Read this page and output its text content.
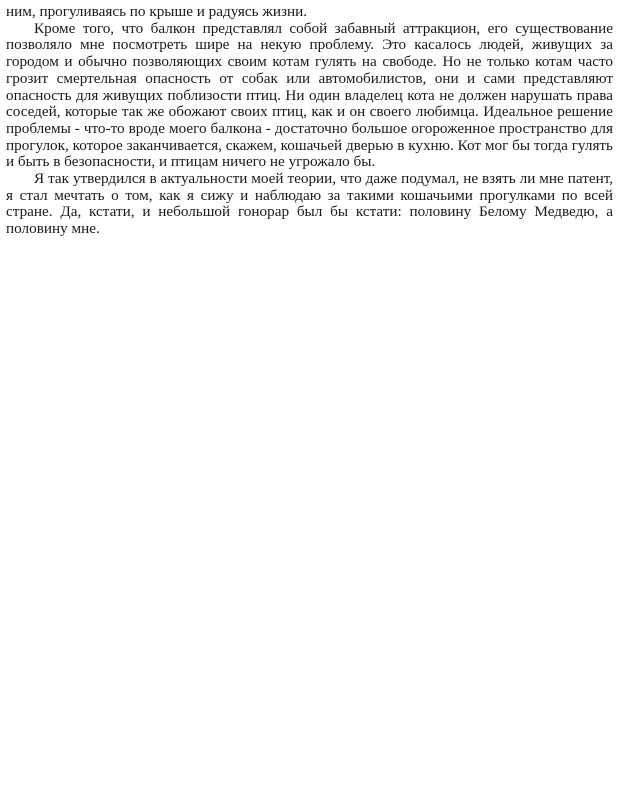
ним, прогуливаясь по крыше и радуясь жизни.

Кроме того, что балкон представлял собой забавный аттракцион, его существование позволяло мне посмотреть шире на некую проблему. Это касалось людей, живущих за городом и обычно позволяющих своим котам гулять на свободе. Но не только котам часто грозит смертельная опасность от собак или автомобилистов, они и сами представляют опасность для живущих поблизости птиц. Ни один владелец кота не должен нарушать права соседей, которые так же обожают своих птиц, как и он своего любимца. Идеальное решение проблемы - что-то вроде моего балкона - достаточно большое огороженное пространство для прогулок, которое заканчивается, скажем, кошачьей дверью в кухню. Кот мог бы тогда гулять и быть в безопасности, и птицам ничего не угрожало бы.

Я так утвердился в актуальности моей теории, что даже подумал, не взять ли мне патент, я стал мечтать о том, как я сижу и наблюдаю за такими кошачьими прогулками по всей стране. Да, кстати, и небольшой гонорар был бы кстати: половину Белому Медведю, а половину мне.
